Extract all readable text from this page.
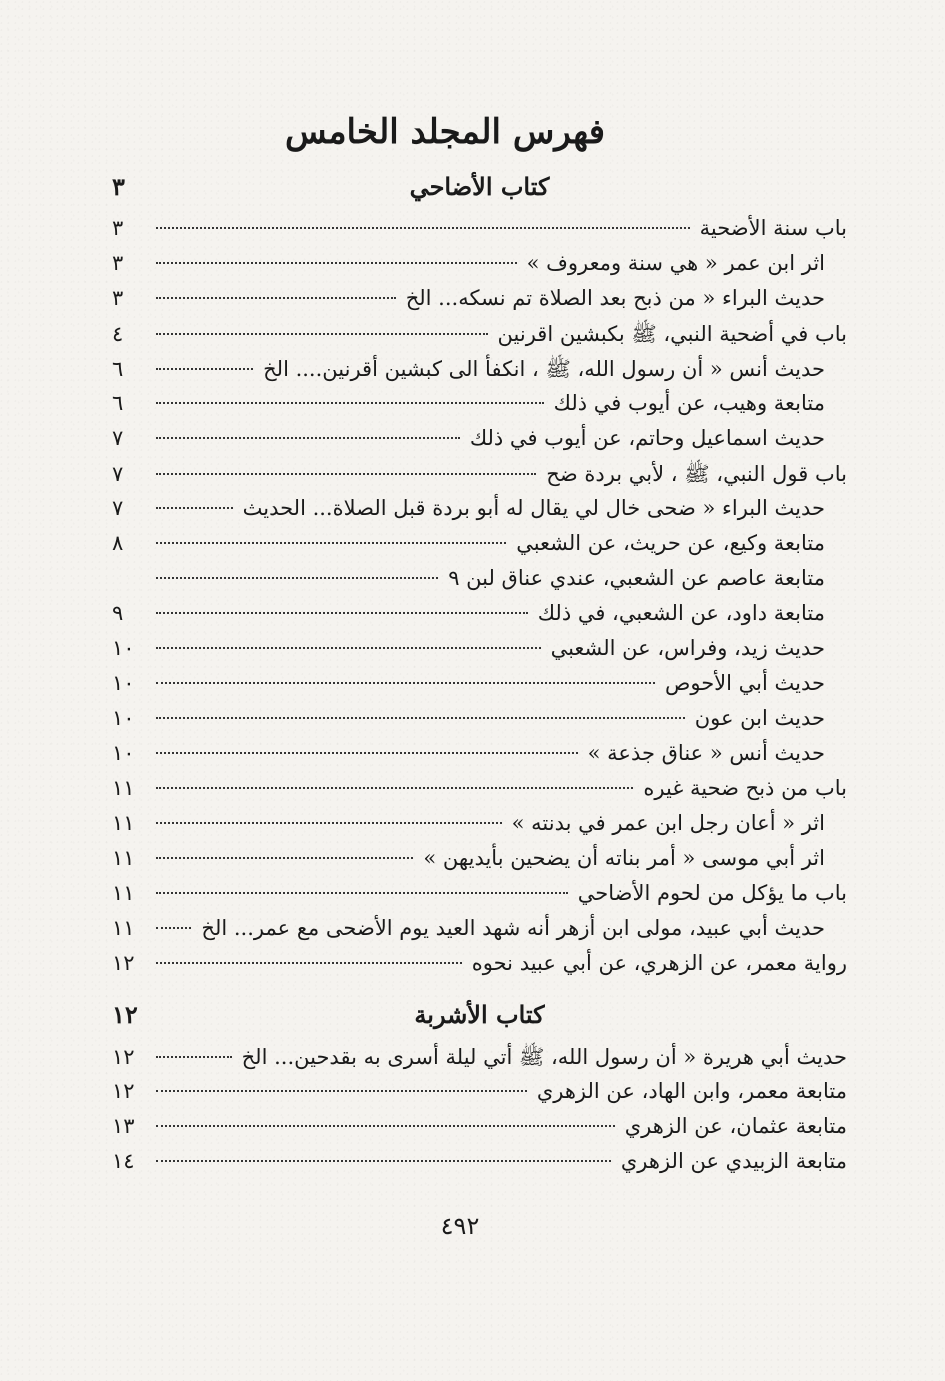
فهرس المجلد الخامس
كتاب الأضاحي
٣
باب سنة الأضحية
٣
اثر ابن عمر « هي سنة ومعروف »
٣
حديث البراء « من ذبح بعد الصلاة تم نسكه... الخ
٣
باب في أضحية النبي، ﷺ بكبشين اقرنين
٤
حديث أنس « أن رسول الله، ﷺ ، انكفأ الى كبشين أقرنين.... الخ
٦
متابعة وهيب، عن أيوب في ذلك
٦
حديث اسماعيل وحاتم، عن أيوب في ذلك
٧
باب قول النبي، ﷺ ، لأبي بردة ضح
٧
حديث البراء « ضحى خال لي يقال له أبو بردة قبل الصلاة... الحديث
٧
متابعة وكيع، عن حريث، عن الشعبي
٨
متابعة عاصم عن الشعبي، عندي عناق لبن ٩
متابعة داود، عن الشعبي، في ذلك
٩
حديث زيد، وفراس، عن الشعبي
١٠
حديث أبي الأحوص
١٠
حديث ابن عون
١٠
حديث أنس « عناق جذعة »
١٠
باب من ذبح ضحية غيره
١١
اثر « أعان رجل ابن عمر في بدنته »
١١
اثر أبي موسى « أمر بناته أن يضحين بأيديهن »
١١
باب ما يؤكل من لحوم الأضاحي
١١
حديث أبي عبيد، مولى ابن أزهر أنه شهد العيد يوم الأضحى مع عمر... الخ
١١
رواية معمر، عن الزهري، عن أبي عبيد نحوه
١٢
كتاب الأشربة
١٢
حديث أبي هريرة « أن رسول الله، ﷺ أتي ليلة أسرى به بقدحين... الخ
١٢
متابعة معمر، وابن الهاد، عن الزهري
١٢
متابعة عثمان، عن الزهري
١٣
متابعة الزبيدي عن الزهري
١٤
٤٩٢
